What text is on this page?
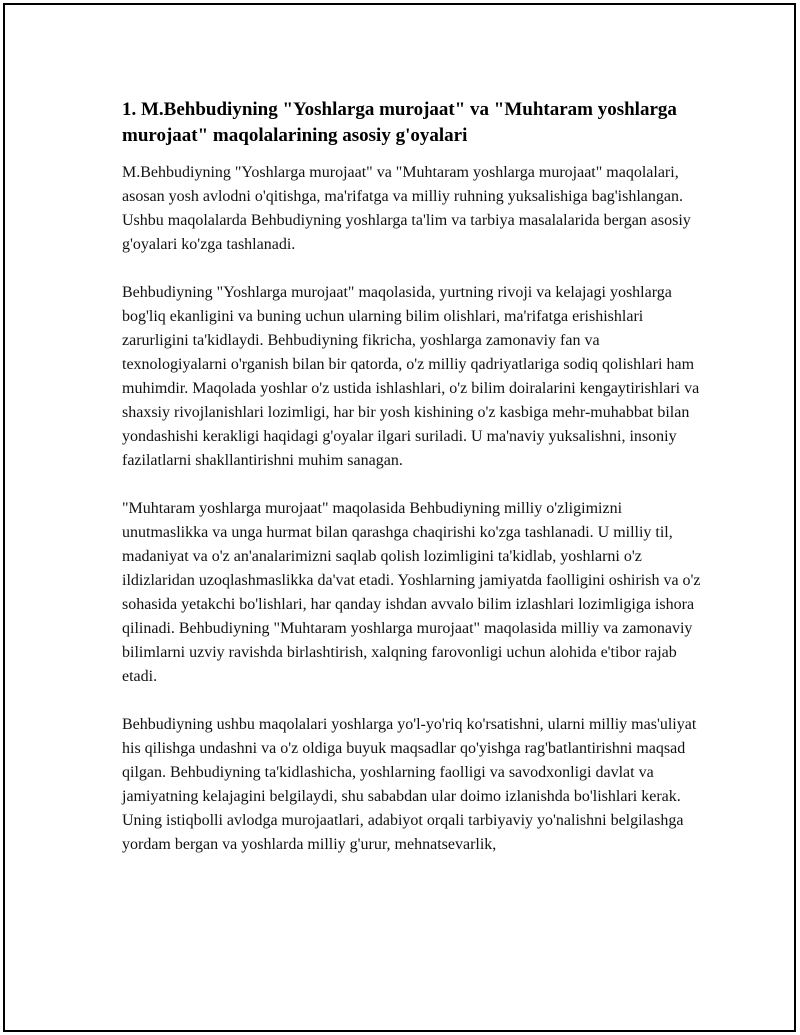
1. M.Behbudiyning "Yoshlarga murojaat" va "Muhtaram yoshlarga murojaat" maqolalarining asosiy g'oyalari

M.Behbudiyning "Yoshlarga murojaat" va "Muhtaram yoshlarga murojaat" maqolalari, asosan yosh avlodni o'qitishga, ma'rifatga va milliy ruhning yuksalishiga bag'ishlangan. Ushbu maqolalarda Behbudiyning yoshlarga ta'lim va tarbiya masalalarida bergan asosiy g'oyalari ko'zga tashlanadi.

Behbudiyning "Yoshlarga murojaat" maqolasida, yurtning rivoji va kelajagi yoshlarga bog'liq ekanligini va buning uchun ularning bilim olishlari, ma'rifatga erishishlari zarurligini ta'kidlaydi. Behbudiyning fikricha, yoshlarga zamonaviy fan va texnologiyalarni o'rganish bilan bir qatorda, o'z milliy qadriyatlariga sodiq qolishlari ham muhimdir. Maqolada yoshlar o'z ustida ishlashlari, o'z bilim doiralarini kengaytirishlari va shaxsiy rivojlanishlari lozimligi, har bir yosh kishining o'z kasbiga mehr-muhabbat bilan yondashishi kerakligi haqidagi g'oyalar ilgari suriladi. U ma'naviy yuksalishni, insoniy fazilatlarni shakllantirishni muhim sanagan.

"Muhtaram yoshlarga murojaat" maqolasida Behbudiyning milliy o'zligimizni unutmaslikka va unga hurmat bilan qarashga chaqirishi ko'zga tashlanadi. U milliy til, madaniyat va o'z an'analarimizni saqlab qolish lozimligini ta'kidlab, yoshlarni o'z ildizlaridan uzoqlashmaslikka da'vat etadi. Yoshlarning jamiyatda faolligini oshirish va o'z sohasida yetakchi bo'lishlari, har qanday ishdan avvalo bilim izlashlari lozimligiga ishora qilinadi. Behbudiyning "Muhtaram yoshlarga murojaat" maqolasida milliy va zamonaviy bilimlarni uzviy ravishda birlashtirish, xalqning farovonligi uchun alohida e'tibor rajab etadi.

Behbudiyning ushbu maqolalari yoshlarga yo'l-yo'riq ko'rsatishni, ularni milliy mas'uliyat his qilishga undashni va o'z oldiga buyuk maqsadlar qo'yishga rag'batlantirishni maqsad qilgan. Behbudiyning ta'kidlashicha, yoshlarning faolligi va savodxonligi davlat va jamiyatning kelajagini belgilaydi, shu sababdan ular doimo izlanishda bo'lishlari kerak. Uning istiqbolli avlodga murojaatlari, adabiyot orqali tarbiyaviy yo'nalishni belgilashga yordam bergan va yoshlarda milliy g'urur, mehnatsevarlik,
